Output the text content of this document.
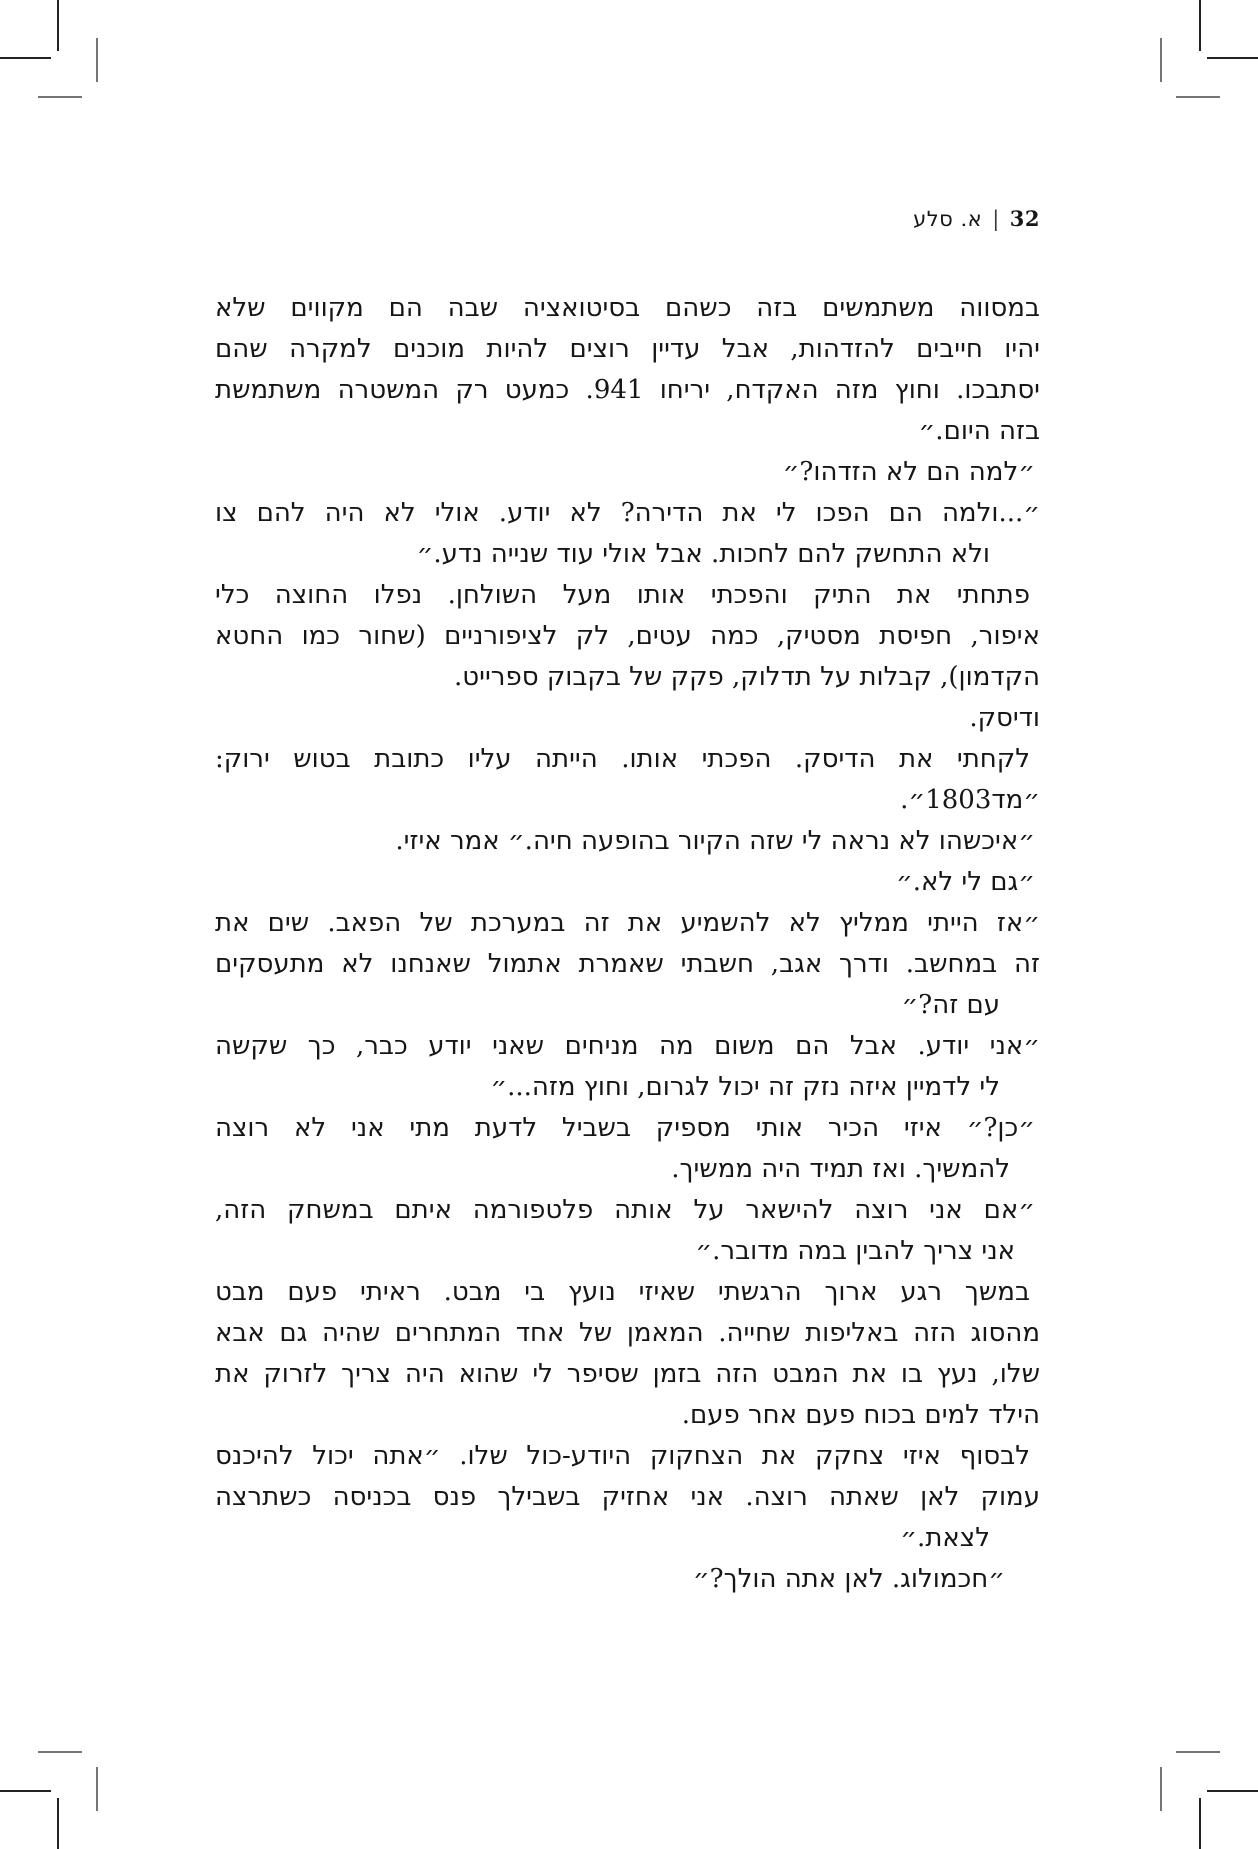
32|א. סלע
במסווה משתמשים בזה כשהם בסיטואציה שבה הם מקווים שלא
יהיו חייבים להזדהות, אבל עדיין רוצים להיות מוכנים למקרה שהם
יסתבכו. וחוץ מזה האקדח, יריחו 941. כמעט רק המשטרה משתמשת
בזה היום.״
״למה הם לא הזדהו?״
״...ולמה הם הפכו לי את הדירה? לא יודע. אולי לא היה להם צו
ולא התחשק להם לחכות. אבל אולי עוד שנייה נדע.״
פתחתי את התיק והפכתי אותו מעל השולחן. נפלו החוצה כלי
איפור, חפיסת מסטיק, כמה עטים, לק לציפורניים (שחור כמו החטא
הקדמון), קבלות על תדלוק, פקק של בקבוק ספרייט.
ודיסק.
לקחתי את הדיסק. הפכתי אותו. הייתה עליו כתובת בטוש ירוק:
״מד1803״.
״איכשהו לא נראה לי שזה הקיור בהופעה חיה.״ אמר איזי.
״גם לי לא.״
״אז הייתי ממליץ לא להשמיע את זה במערכת של הפאב. שים את
זה במחשב. ודרך אגב, חשבתי שאמרת אתמול שאנחנו לא מתעסקים
עם זה?״
״אני יודע. אבל הם משום מה מניחים שאני יודע כבר, כך שקשה
לי לדמיין איזה נזק זה יכול לגרום, וחוץ מזה...״
״כן?״ איזי הכיר אותי מספיק בשביל לדעת מתי אני לא רוצה
להמשיך. ואז תמיד היה ממשיך.
״אם אני רוצה להישאר על אותה פלטפורמה איתם במשחק הזה,
אני צריך להבין במה מדובר.״
במשך רגע ארוך הרגשתי שאיזי נועץ בי מבט. ראיתי פעם מבט
מהסוג הזה באליפות שחייה. המאמן של אחד המתחרים שהיה גם אבא
שלו, נעץ בו את המבט הזה בזמן שסיפר לי שהוא היה צריך לזרוק את
הילד למים בכוח פעם אחר פעם.
לבסוף איזי צחקק את הצחקוק היודע-כול שלו. ״אתה יכול להיכנס
עמוק לאן שאתה רוצה. אני אחזיק בשבילך פנס בכניסה כשתרצה
לצאת.״
״חכמולוג. לאן אתה הולך?״
